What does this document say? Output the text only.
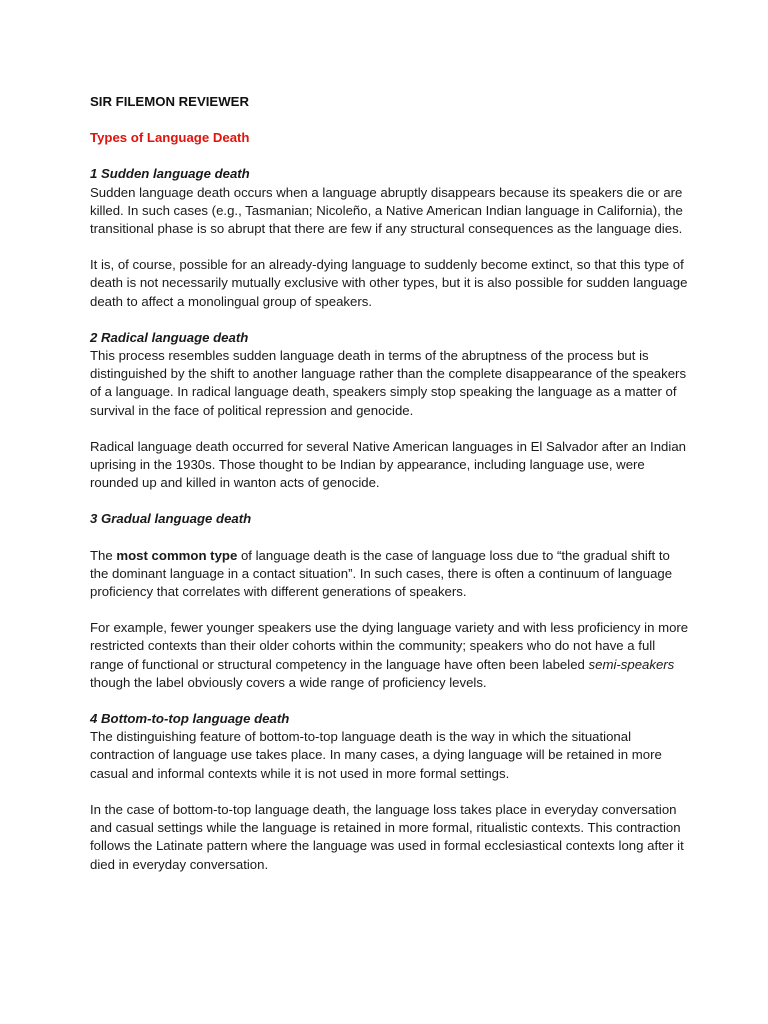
SIR FILEMON REVIEWER

Types of Language Death

1 Sudden language death

Sudden language death occurs when a language abruptly disappears because its speakers die or are killed. In such cases (e.g., Tasmanian; Nicoleño, a Native American Indian language in California), the transitional phase is so abrupt that there are few if any structural consequences as the language dies.

It is, of course, possible for an already-dying language to suddenly become extinct, so that this type of death is not necessarily mutually exclusive with other types, but it is also possible for sudden language death to affect a monolingual group of speakers.

2 Radical language death

This process resembles sudden language death in terms of the abruptness of the process but is distinguished by the shift to another language rather than the complete disappearance of the speakers of a language. In radical language death, speakers simply stop speaking the language as a matter of survival in the face of political repression and genocide.

Radical language death occurred for several Native American languages in El Salvador after an Indian uprising in the 1930s. Those thought to be Indian by appearance, including language use, were rounded up and killed in wanton acts of genocide.

3 Gradual language death

The most common type of language death is the case of language loss due to “the gradual shift to the dominant language in a contact situation”. In such cases, there is often a continuum of language proficiency that correlates with different generations of speakers.

For example, fewer younger speakers use the dying language variety and with less proficiency in more restricted contexts than their older cohorts within the community; speakers who do not have a full range of functional or structural competency in the language have often been labeled semi-speakers though the label obviously covers a wide range of proficiency levels.

4 Bottom-to-top language death

The distinguishing feature of bottom-to-top language death is the way in which the situational contraction of language use takes place. In many cases, a dying language will be retained in more casual and informal contexts while it is not used in more formal settings.

In the case of bottom-to-top language death, the language loss takes place in everyday conversation and casual settings while the language is retained in more formal, ritualistic contexts. This contraction follows the Latinate pattern where the language was used in formal ecclesiastical contexts long after it died in everyday conversation.
